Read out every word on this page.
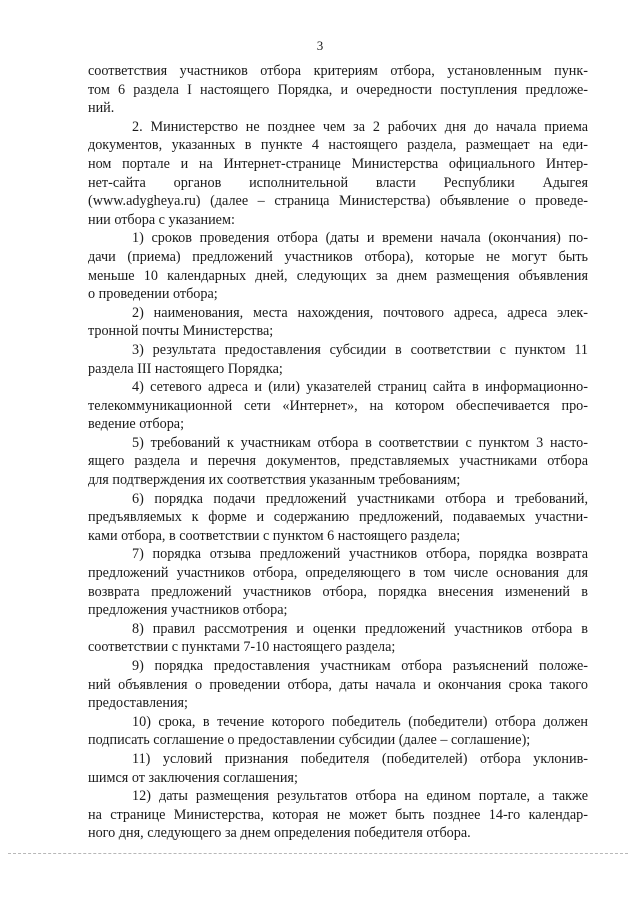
3
соответствия участников отбора критериям отбора, установленным пунк-
том 6 раздела I настоящего Порядка, и очередности поступления предложе-
ний.
2. Министерство не позднее чем за 2 рабочих дня до начала приема
документов, указанных в пункте 4 настоящего раздела, размещает на еди-
ном портале и на Интернет-странице Министерства официального Интер-
нет-сайта органов исполнительной власти Республики Адыгея
(www.adygheya.ru) (далее – страница Министерства) объявление о проведе-
нии отбора с указанием:
1) сроков проведения отбора (даты и времени начала (окончания) по-
дачи (приема) предложений участников отбора), которые не могут быть
меньше 10 календарных дней, следующих за днем размещения объявления
о проведении отбора;
2) наименования, места нахождения, почтового адреса, адреса элек-
тронной почты Министерства;
3) результата предоставления субсидии в соответствии с пунктом 11
раздела III настоящего Порядка;
4) сетевого адреса и (или) указателей страниц сайта в информационно-
телекоммуникационной сети «Интернет», на котором обеспечивается про-
ведение отбора;
5) требований к участникам отбора в соответствии с пунктом 3 насто-
ящего раздела и перечня документов, представляемых участниками отбора
для подтверждения их соответствия указанным требованиям;
6) порядка подачи предложений участниками отбора и требований,
предъявляемых к форме и содержанию предложений, подаваемых участни-
ками отбора, в соответствии с пунктом 6 настоящего раздела;
7) порядка отзыва предложений участников отбора, порядка возврата
предложений участников отбора, определяющего в том числе основания для
возврата предложений участников отбора, порядка внесения изменений в
предложения участников отбора;
8) правил рассмотрения и оценки предложений участников отбора в
соответствии с пунктами 7-10 настоящего раздела;
9) порядка предоставления участникам отбора разъяснений положе-
ний объявления о проведении отбора, даты начала и окончания срока такого
предоставления;
10) срока, в течение которого победитель (победители) отбора должен
подписать соглашение о предоставлении субсидии (далее – соглашение);
11) условий признания победителя (победителей) отбора уклонив-
шимся от заключения соглашения;
12) даты размещения результатов отбора на едином портале, а также
на странице Министерства, которая не может быть позднее 14-го календар-
ного дня, следующего за днем определения победителя отбора.
